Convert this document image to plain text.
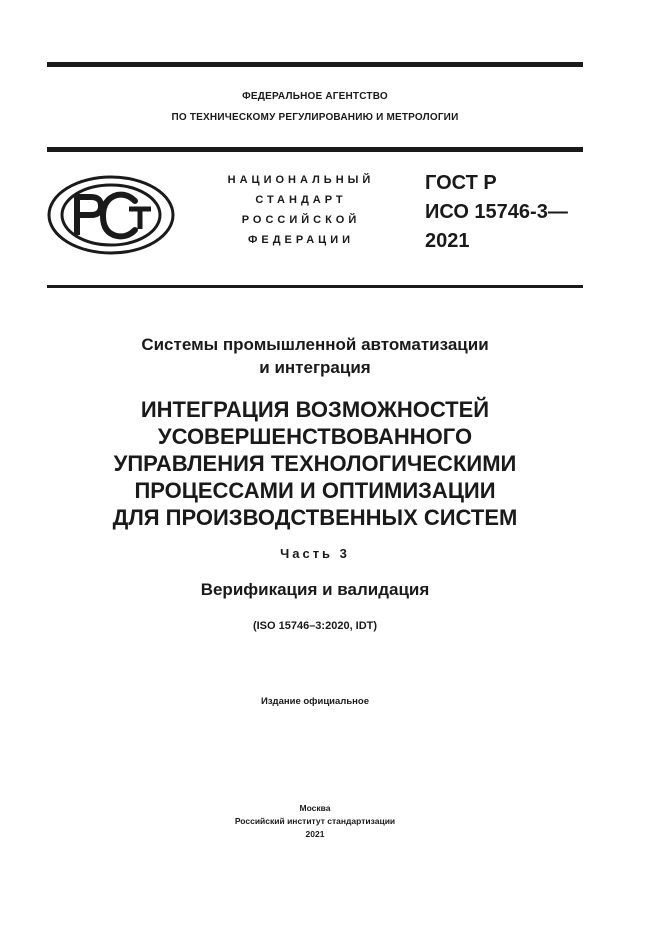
ФЕДЕРАЛЬНОЕ АГЕНТСТВО
ПО ТЕХНИЧЕСКОМУ РЕГУЛИРОВАНИЮ И МЕТРОЛОГИИ
НАЦИОНАЛЬНЫЙ
СТАНДАРТ
РОССИЙСКОЙ
ФЕДЕРАЦИИ
ГОСТ Р
ИСО 15746-3—
2021
Системы промышленной автоматизации
и интеграция
ИНТЕГРАЦИЯ ВОЗМОЖНОСТЕЙ
УСОВЕРШЕНСТВОВАННОГО
УПРАВЛЕНИЯ ТЕХНОЛОГИЧЕСКИМИ
ПРОЦЕССАМИ И ОПТИМИЗАЦИИ
ДЛЯ ПРОИЗВОДСТВЕННЫХ СИСТЕМ
Часть 3
Верификация и валидация
(ISO 15746–3:2020, IDT)
Издание официальное
Москва
Российский институт стандартизации
2021
